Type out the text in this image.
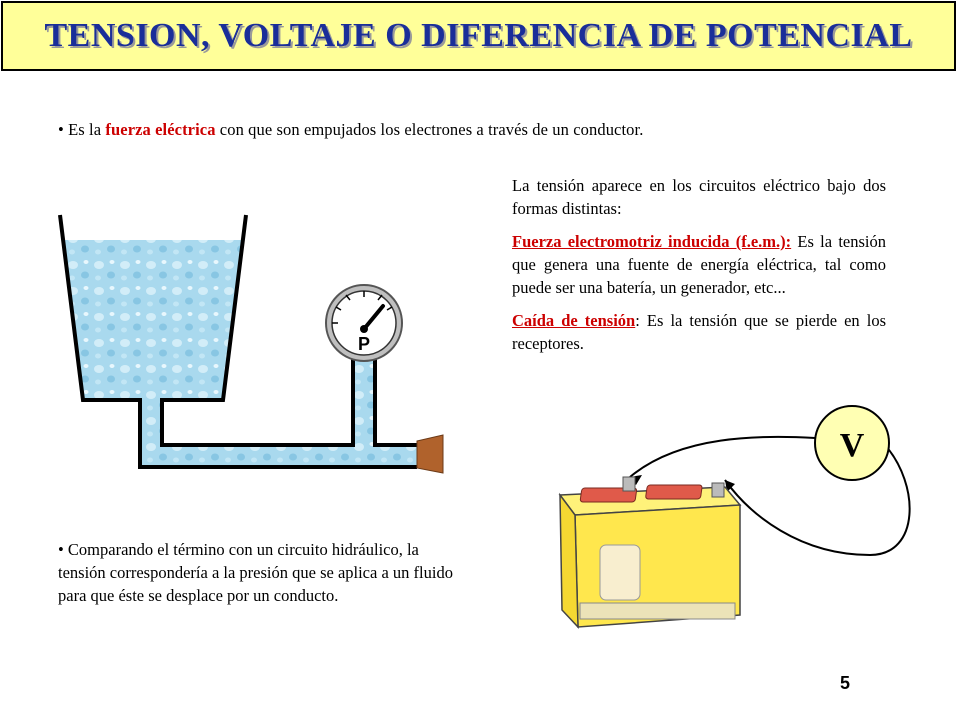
TENSION, VOLTAJE O DIFERENCIA DE POTENCIAL
• Es la fuerza eléctrica con que son empujados los electrones a través de un conductor.

La tensión aparece en los circuitos eléctrico bajo dos formas distintas:

Fuerza electromotriz inducida (f.e.m.): Es la tensión que genera una fuente de energía eléctrica, tal como puede ser una batería, un generador, etc...

Caída de tensión: Es la tensión que se pierde en los receptores.

P
V
• Comparando el término con un circuito hidráulico, la tensión correspondería a la presión que se aplica a un fluido para que éste se desplace por un conducto.
5
